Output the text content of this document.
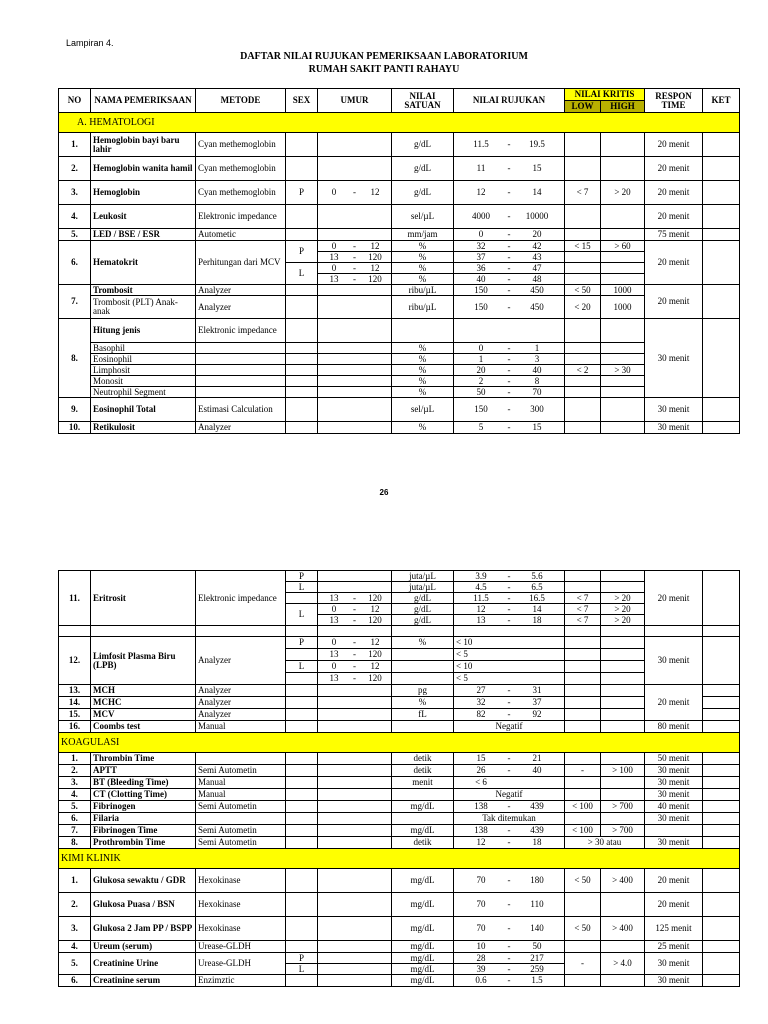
Lampiran 4.
DAFTAR NILAI RUJUKAN PEMERIKSAAN LABORATORIUM
RUMAH SAKIT PANTI RAHAYU
NO	NAMA PEMERIKSAAN	METODE	SEX	UMUR	NILAI SATUAN	NILAI RUJUKAN	NILAI KRITIS		RESPON TIME	KET
							LOW	HIGH		
A. HEMATOLOGI										
1.	Hemoglobin bayi baru lahir	Cyan methemoglobin			g/dL	11.5 - 19.5			20 menit	
2.	Hemoglobin wanita hamil	Cyan methemoglobin			g/dL	11 - 15			20 menit	
3.	Hemoglobin	Cyan methemoglobin	P	0 - 12	g/dL	12 - 14	< 7	> 20	20 menit	
4.	Leukosit	Elektronic impedance			sel/µL	4000 - 10000			20 menit	
5.	LED / BSE / ESR	Autometic			mm/jam	0 - 20			75 menit	
6.	Hematokrit	Perhitungan dari MCV	P	0 - 12	%	32 - 42	< 15	> 60	20 menit	

				13 - 120	%	37 - 43				

			L	0 - 12	%	36 - 47				

				13 - 120	%	40 - 48				

7.	Trombosit	Analyzer			ribu/µL	150 - 450	< 50	1000	20 menit	
	Trombosit (PLT) Anak-anak	Analyzer			ribu/µL	150 - 450	< 20	1000		
8.	Hitung jenis	Elektronic impedance							30 menit	
	Basophil				%	0 - 1				

	Eosinophil				%	1 - 3				

	Limphosit				%	20 - 40	< 2	> 30		
	Monosit				%	2 - 8				

	Neutrophil Segment				%	50 - 70				

9.	Eosinophil Total	Estimasi Calculation			sel/µL	150 - 300			30 menit	
10.	Retikulosit	Analyzer			%	5 - 15			30 menit	
26
11.	Eritrosit	Elektronic impedance	P		juta/µL	3.9 - 5.6			20 menit	
			L		juta/µL	4.5 - 6.5				

				13 - 120	g/dL	11.5 - 16.5	< 7	> 20		
			L	0 - 12	g/dL	12 - 14	< 7	> 20		

				13 - 120	g/dL	13 - 18	< 7	> 20		

12.	Limfosit Plasma Biru (LPB)	Analyzer	P	0 - 12	%	< 10			30 menit	

				13 - 120		< 5				
			L	0 - 12		< 10				

				13 - 120		< 5				
13.	MCH	Analyzer			pg	27 - 31			20 menit	
14.	MCHC	Analyzer			%	32 - 37				

15.	MCV	Analyzer			fL	82 - 92				

16.	Coombs test	Manual				Negatif			80 menit	
KOAGULASI										
1.	Thrombin Time				detik	15 - 21			50 menit	
2.	APTT	Semi Autometin			detik	26 - 40	-	> 100	30 menit	
3.	BT (Bleeding Time)	Manual			menit	< 6			30 menit	
4.	CT (Clotting Time)	Manual				Negatif			30 menit	
5.	Fibrinogen	Semi Autometin			mg/dL	138 - 439	< 100	> 700	40 menit	
6.	Filaria					Tak ditemukan			30 menit	
7.	Fibrinogen Time	Semi Autometin			mg/dL	138 - 439	< 100	> 700		
8.	Prothrombin Time	Semi Autometin			detik	12 - 18	> 30 atau		30 menit	
KIMI KLINIK										
1.	Glukosa sewaktu / GDR	Hexokinase			mg/dL	70 - 180	< 50	> 400	20 menit	
2.	Glukosa Puasa / BSN	Hexokinase			mg/dL	70 - 110			20 menit	
3.	Glukosa 2 Jam PP / BSPP	Hexokinase			mg/dL	70 - 140	< 50	> 400	125 menit	
4.	Ureum (serum)	Urease-GLDH			mg/dL	10 - 50			25 menit	
5.	Creatinine Urine	Urease-GLDH	P		mg/dL	28 - 217	-	> 4.0	30 menit	
			L		mg/dL	39 - 259				

6.	Creatinine serum	Enzimztic			mg/dL	0.6 - 1.5			30 menit	
